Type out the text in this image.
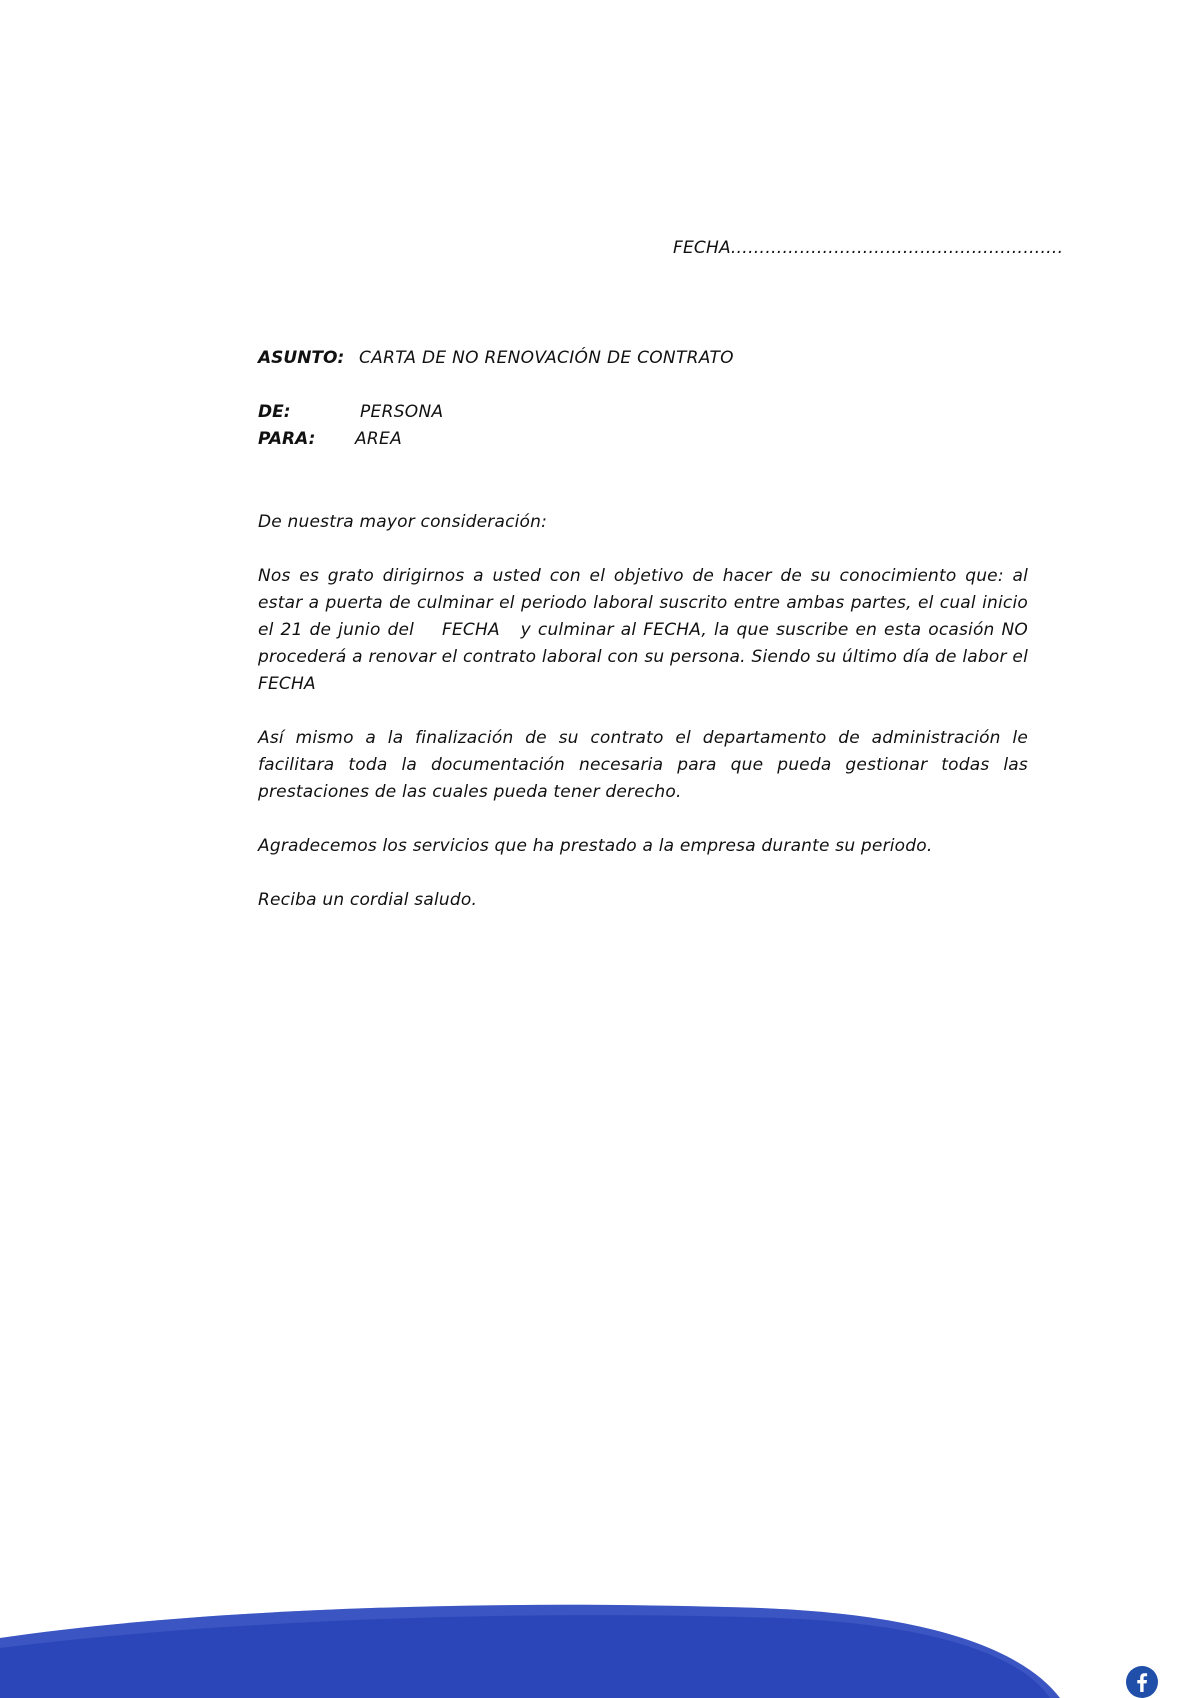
FECHA………………………………………………….
ASUNTO: CARTA DE NO RENOVACIÓN DE CONTRATO
DE:	PERSONA
PARA: AREA

De nuestra mayor consideración:

Nos es grato dirigirnos a usted con el objetivo de hacer de su conocimiento que: al estar a puerta de culminar el periodo laboral suscrito entre ambas partes, el cual inicio el 21 de junio del    FECHA   y culminar al FECHA, la que suscribe en esta ocasión NO procederá a renovar el contrato laboral con su persona. Siendo su último día de labor el FECHA

Así mismo a la finalización de su contrato el departamento de administración le facilitara toda la documentación necesaria para que pueda gestionar todas las prestaciones de las cuales pueda tener derecho.

Agradecemos los servicios que ha prestado a la empresa durante su periodo.

Reciba un cordial saludo.
